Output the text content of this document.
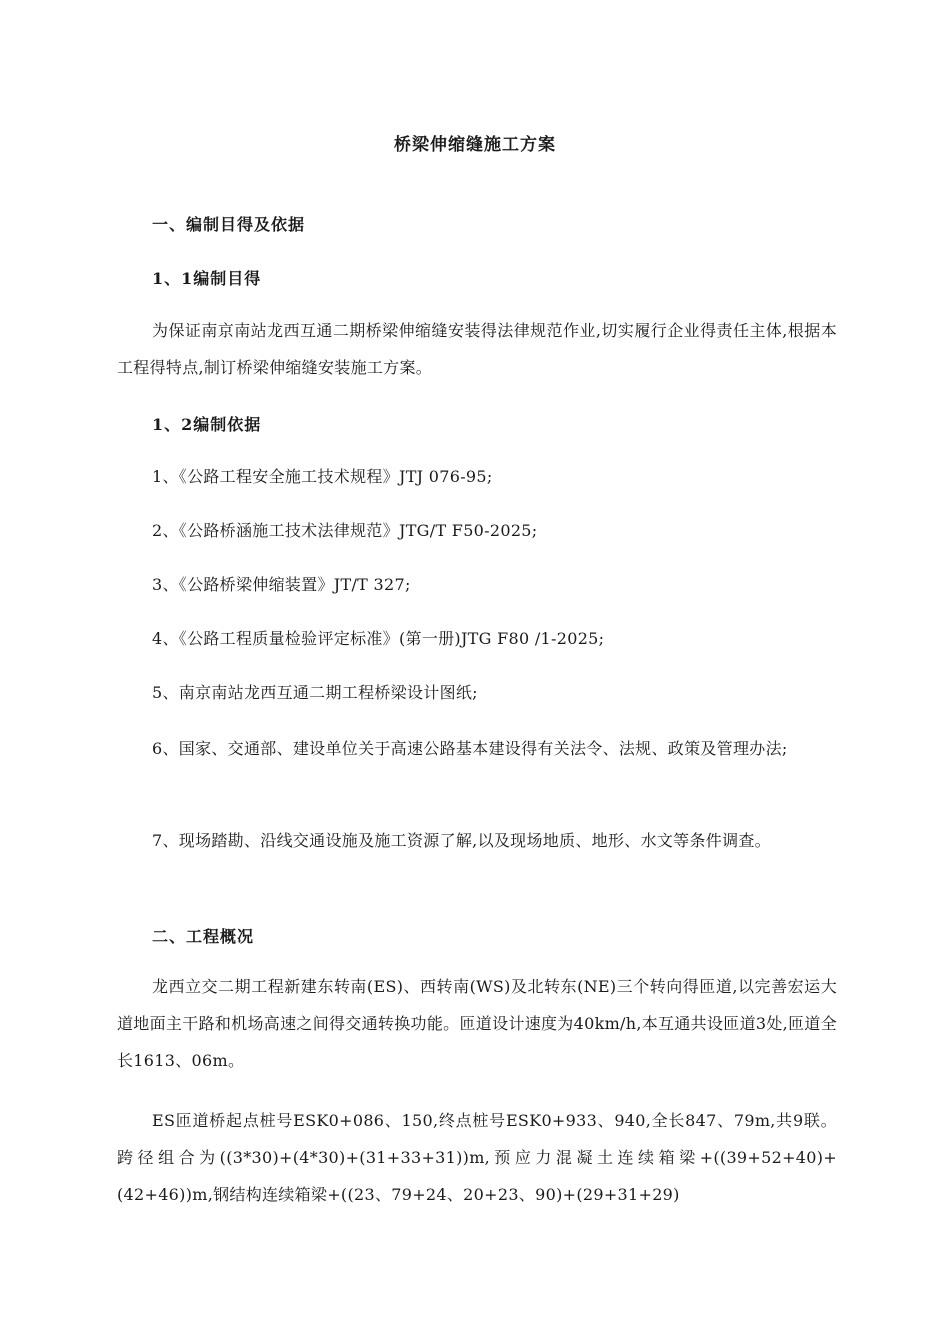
桥梁伸缩缝施工方案
一、编制目得及依据
1、1编制目得
为保证南京南站龙西互通二期桥梁伸缩缝安装得法律规范作业,切实履行企业得责任主体,根据本工程得特点,制订桥梁伸缩缝安装施工方案。
1、2编制依据
1、《公路工程安全施工技术规程》JTJ 076-95;
2、《公路桥涵施工技术法律规范》JTG/T F50-2025;
3、《公路桥梁伸缩装置》JT/T 327;
4、《公路工程质量检验评定标准》(第一册)JTG F80 /1-2025;
5、南京南站龙西互通二期工程桥梁设计图纸;
6、国家、交通部、建设单位关于高速公路基本建设得有关法令、法规、政策及管理办法;
7、现场踏勘、沿线交通设施及施工资源了解,以及现场地质、地形、水文等条件调查。
二、工程概况
龙西立交二期工程新建东转南(ES)、西转南(WS)及北转东(NE)三个转向得匝道,以完善宏运大道地面主干路和机场高速之间得交通转换功能。匝道设计速度为40km/h,本互通共设匝道3处,匝道全长1613、06m。
ES匝道桥起点桩号ESK0+086、150,终点桩号ESK0+933、940,全长847、79m,共9联。跨径组合为((3*30)+(4*30)+(31+33+31))m,预应力混凝土连续箱梁+((39+52+40)+(42+46))m,钢结构连续箱梁+((23、79+24、20+23、90)+(29+31+29)
